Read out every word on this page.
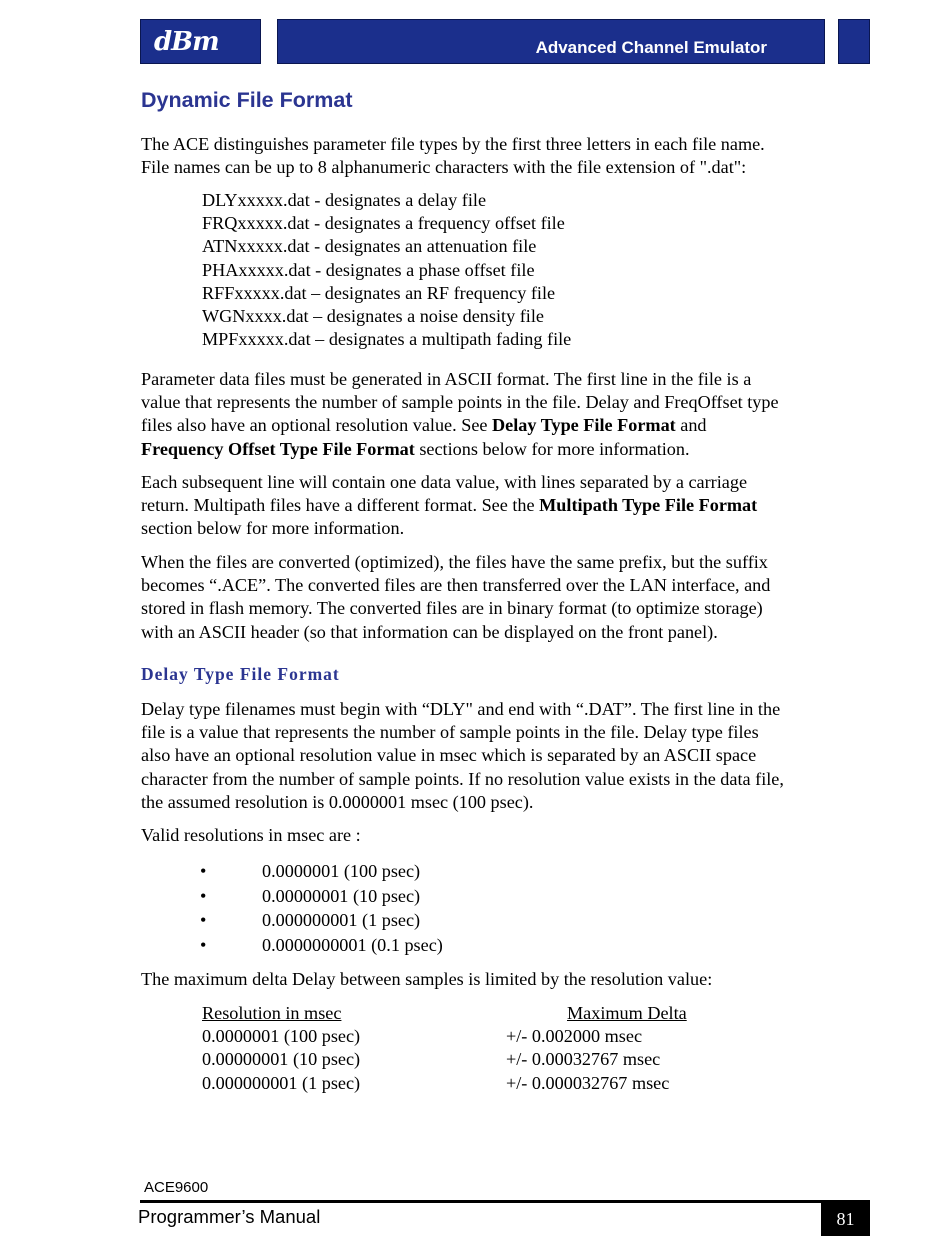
dBm	Advanced Channel Emulator
Dynamic File Format

The ACE distinguishes parameter file types by the first three letters in each file name.

File names can be up to 8 alphanumeric characters with the file extension of ".dat":

DLYxxxxx.dat - designates a delay file

FRQxxxxx.dat - designates a frequency offset file

ATNxxxxx.dat - designates an attenuation file

PHAxxxxx.dat - designates a phase offset file

RFFxxxxx.dat – designates an RF frequency file

WGNxxxx.dat – designates a noise density file

MPFxxxxx.dat – designates a multipath fading file

Parameter data files must be generated in ASCII format. The first line in the file is a

value that represents the number of sample points in the file. Delay and FreqOffset type

files also have an optional resolution value. See Delay Type File Format and

Frequency Offset Type File Format sections below for more information.

Each subsequent line will contain one data value, with lines separated by a carriage

return. Multipath files have a different format. See the Multipath Type File Format

section below for more information.

When the files are converted (optimized), the files have the same prefix, but the suffix

becomes “.ACE”. The converted files are then transferred over the LAN interface, and

stored in flash memory. The converted files are in binary format (to optimize storage)

with an ASCII header (so that information can be displayed on the front panel).

Delay Type File Format

Delay type filenames must begin with “DLY" and end with “.DAT”. The first line in the

file is a value that represents the number of sample points in the file. Delay type files

also have an optional resolution value in msec which is separated by an ASCII space

character from the number of sample points. If no resolution value exists in the data file,

the assumed resolution is 0.0000001 msec (100 psec).

Valid resolutions in msec are :

•	0.0000001 (100 psec)
•	0.00000001 (10 psec)
•	0.000000001 (1 psec)
•	0.0000000001 (0.1 psec)

The maximum delta Delay between samples is limited by the resolution value:

Resolution in msec	Maximum Delta
0.0000001 (100 psec)	+/- 0.002000 msec
0.00000001 (10 psec)	+/- 0.00032767 msec
0.000000001 (1 psec)	+/- 0.000032767 msec
ACE9600
Programmer’s Manual	81
